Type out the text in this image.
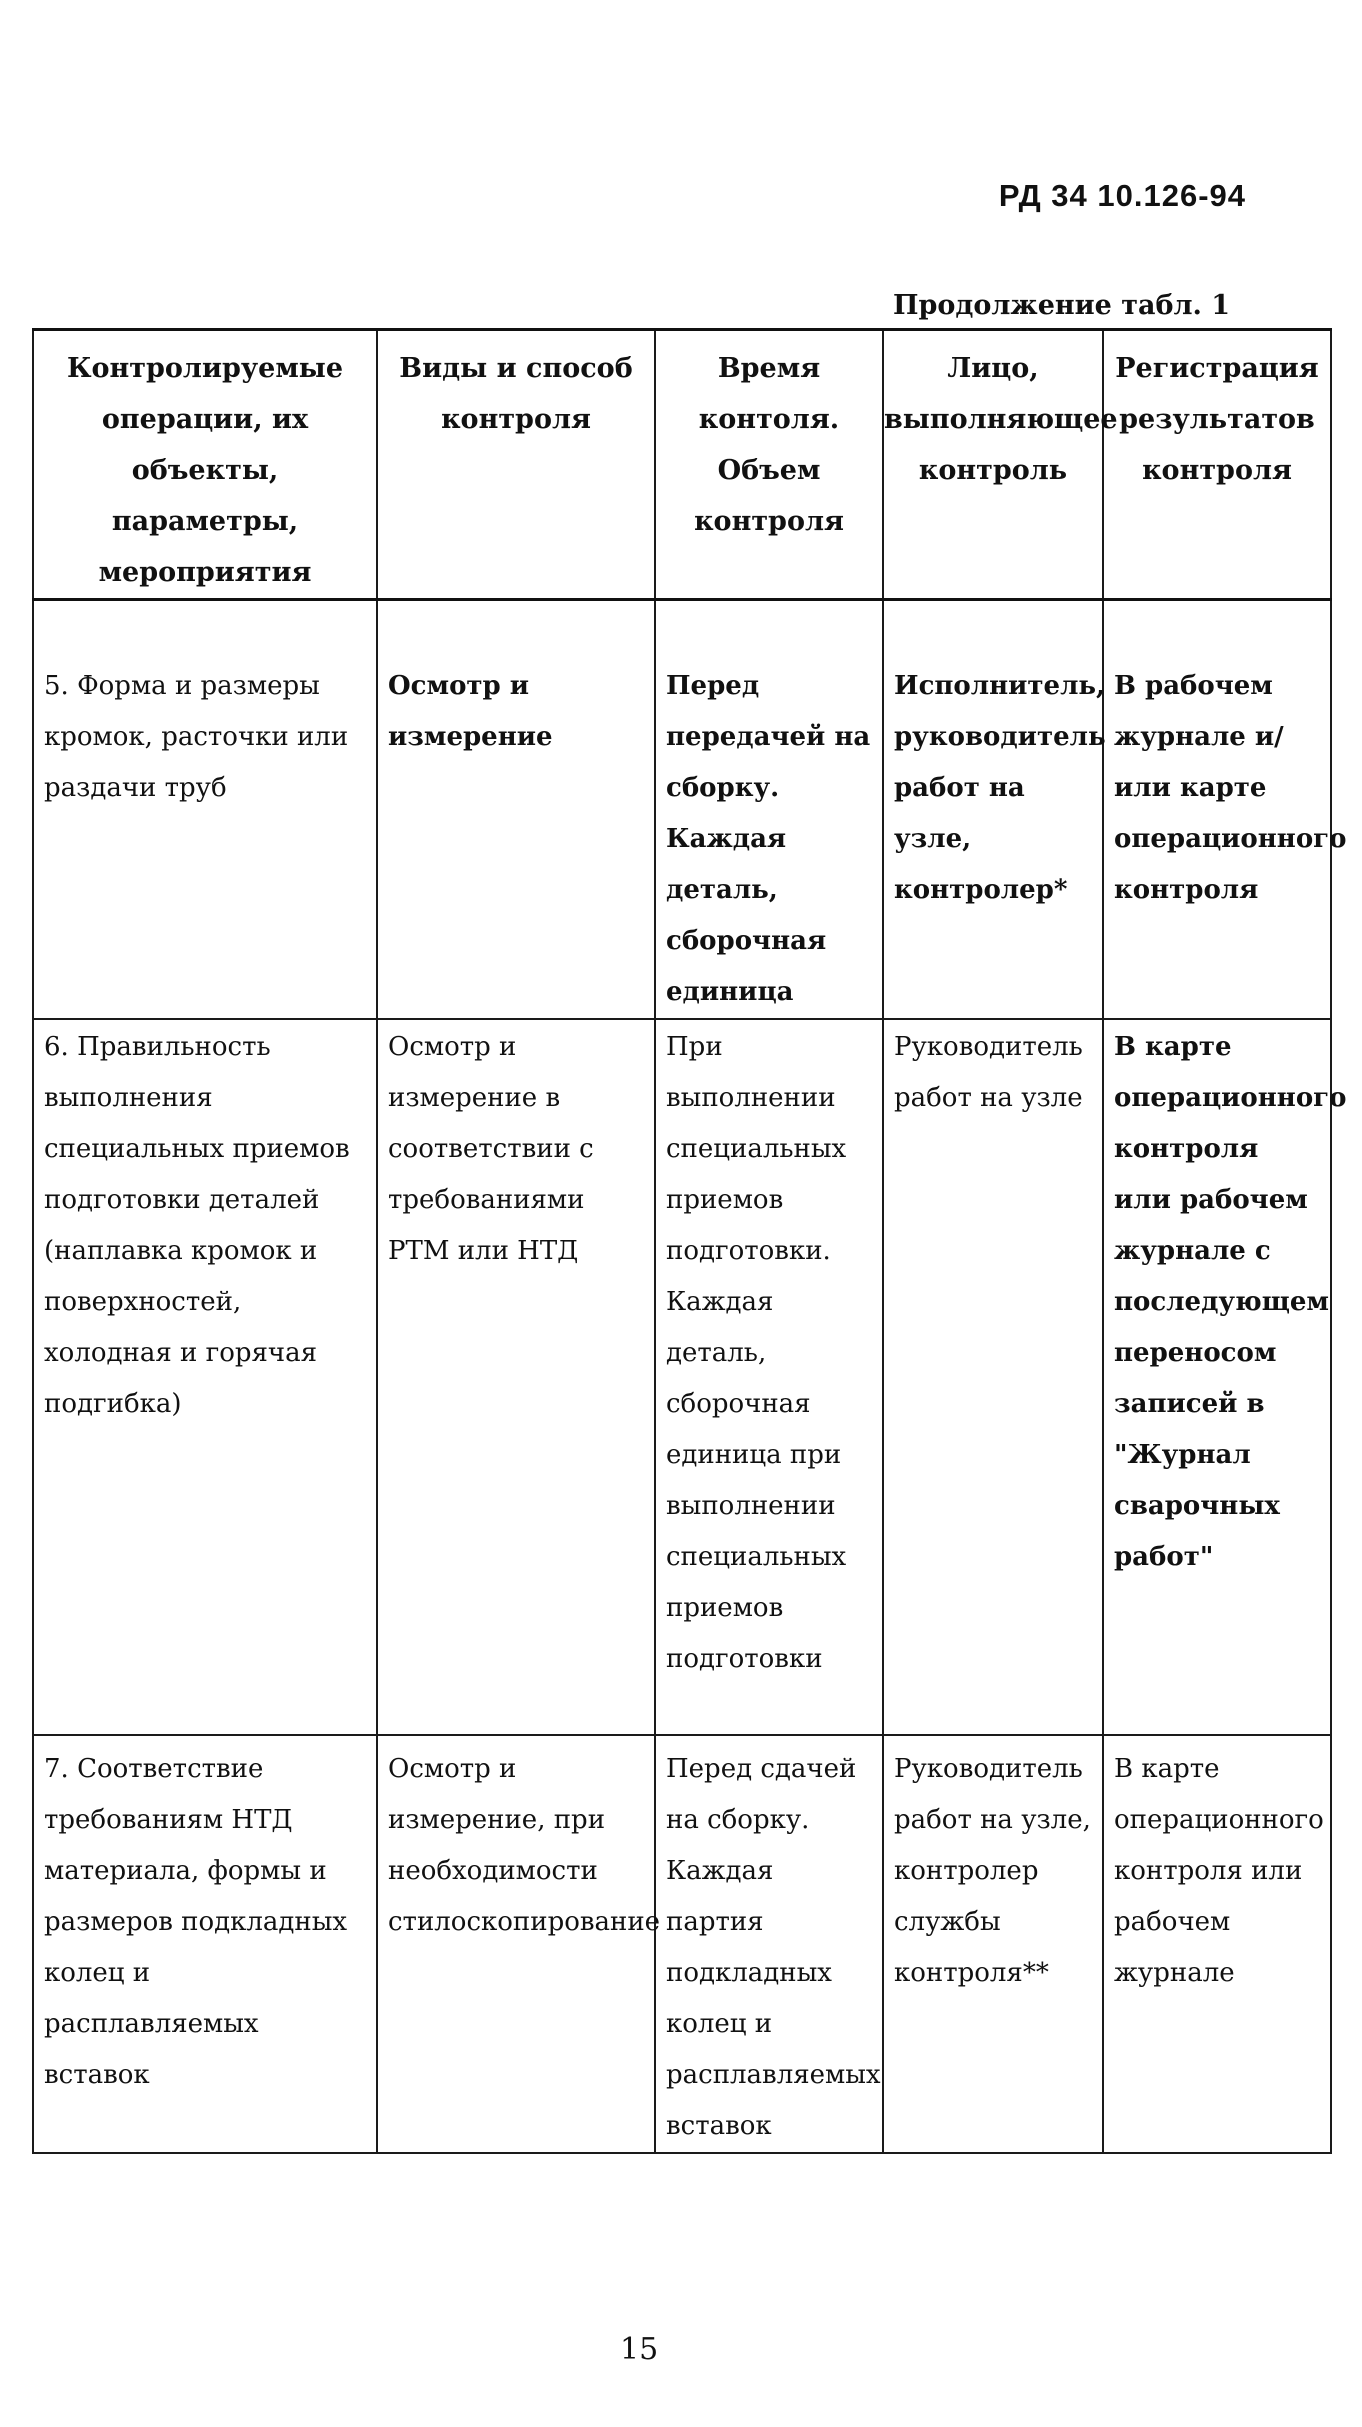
РД 34 10.126-94
Продолжение табл. 1
Контролируемые операции, их объекты, параметры, мероприятия	Виды и способ контроля	Время контоля. Объем контроля	Лицо, выполняющее контроль	Регистрация результатов контроля

5. Форма и размеры кромок, расточки или раздачи труб	Осмотр и измерение	Перед передачей на сборку. Каждая деталь, сборочная единица	Исполнитель, руководитель работ на узле, контролер*	В рабочем журнале и/или карте операционного контроля

6. Правильность выполнения специальных приемов подготовки деталей (наплавка кромок и поверхностей, холодная и горячая подгибка)	Осмотр и измерение в соответствии с требованиями РТМ или НТД	При выполнении специальных приемов подготовки. Каждая деталь, сборочная единица при выполнении специальных приемов подготовки	Руководитель работ на узле	В карте операционного контроля или рабочем журнале с последующем переносом записей в "Журнал сварочных работ"

7. Соответствие требованиям НТД материала, формы и размеров подкладных колец и расплавляемых вставок	Осмотр и измерение, при необходимости стилоскопирование	Перед сдачей на сборку. Каждая партия подкладных колец и расплавляемых вставок	Руководитель работ на узле, контролер службы контроля**	В карте операционного контроля или рабочем журнале
15
